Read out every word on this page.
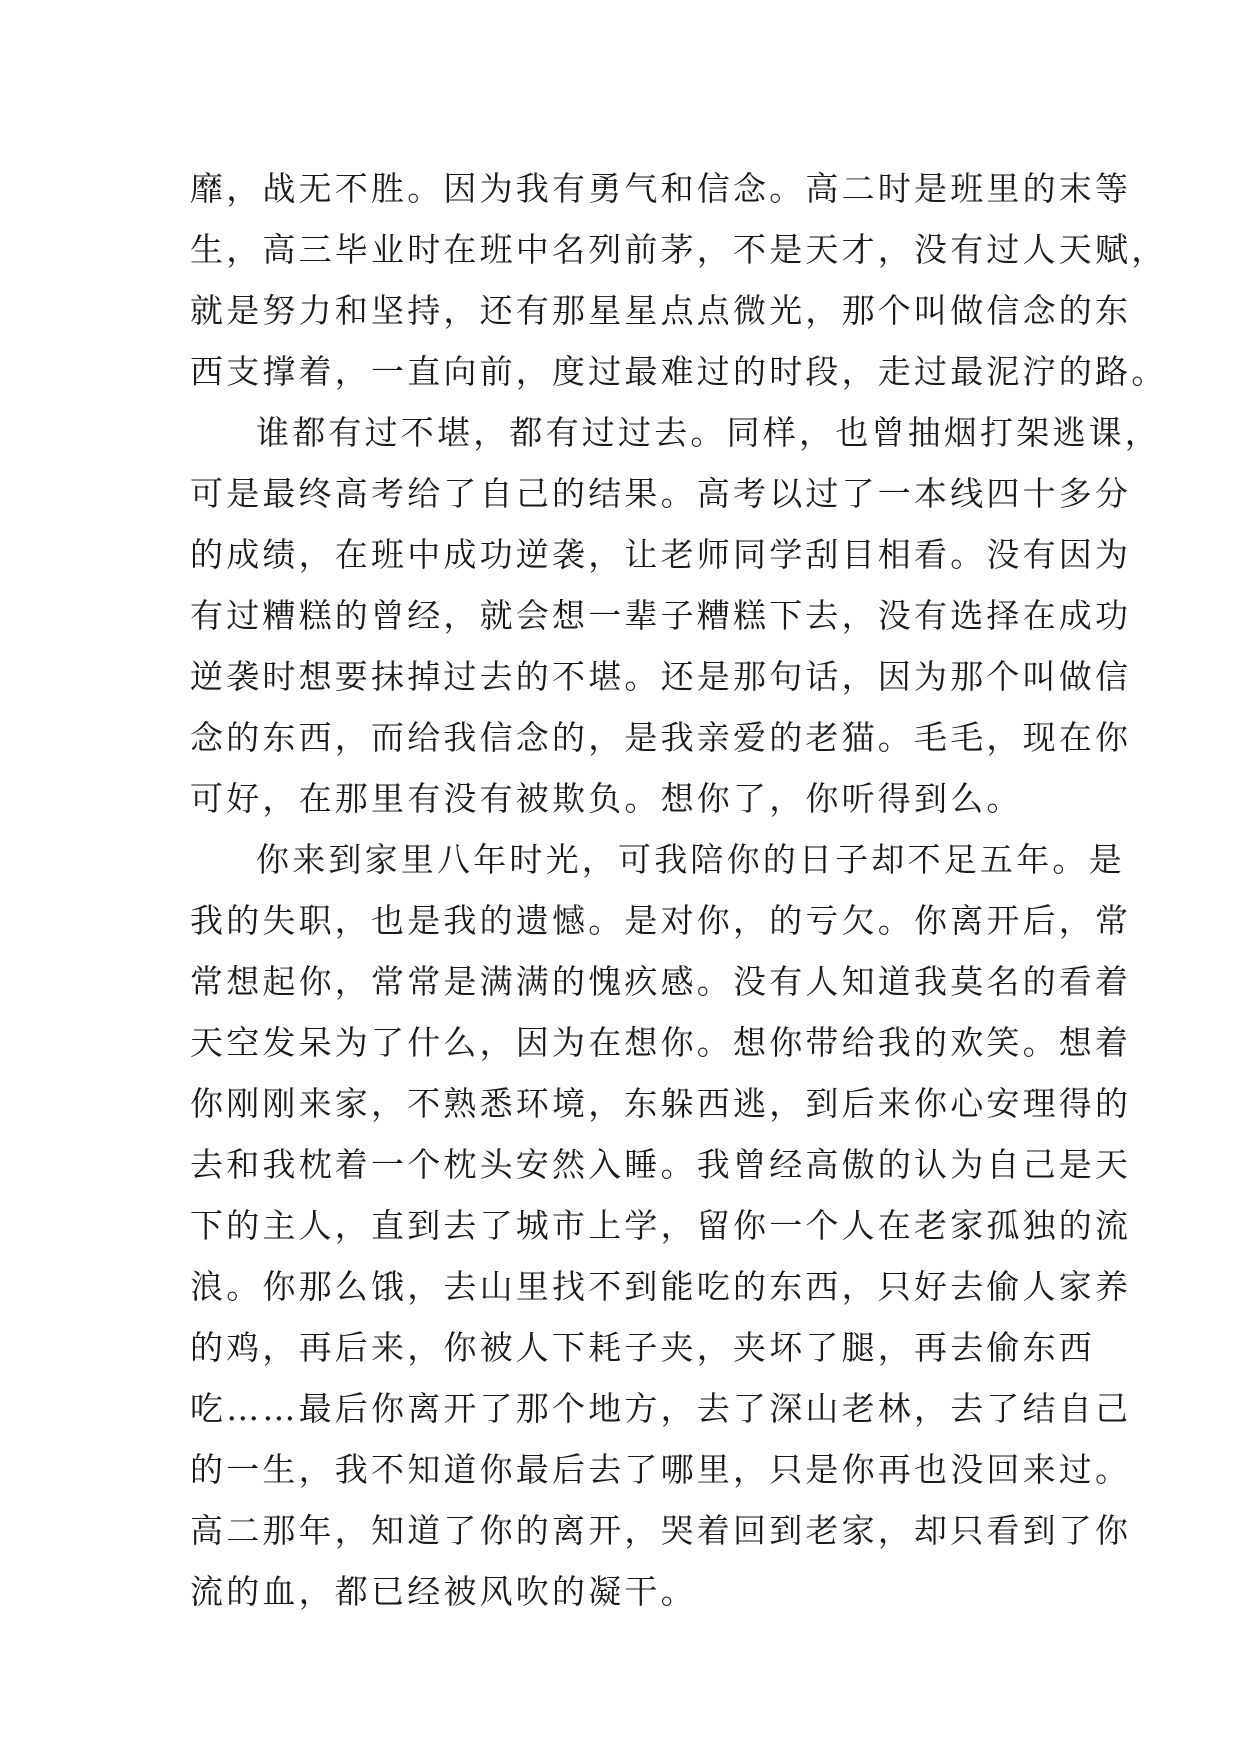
靡，战无不胜。因为我有勇气和信念。高二时是班里的末等
生，高三毕业时在班中名列前茅，不是天才，没有过人天赋，
就是努力和坚持，还有那星星点点微光，那个叫做信念的东
西支撑着，一直向前，度过最难过的时段，走过最泥泞的路。
谁都有过不堪，都有过过去。同样，也曾抽烟打架逃课，
可是最终高考给了自己的结果。高考以过了一本线四十多分
的成绩，在班中成功逆袭，让老师同学刮目相看。没有因为
有过糟糕的曾经，就会想一辈子糟糕下去，没有选择在成功
逆袭时想要抹掉过去的不堪。还是那句话，因为那个叫做信
念的东西，而给我信念的，是我亲爱的老猫。毛毛，现在你
可好，在那里有没有被欺负。想你了，你听得到么。
你来到家里八年时光，可我陪你的日子却不足五年。是
我的失职，也是我的遗憾。是对你，的亏欠。你离开后，常
常想起你，常常是满满的愧疚感。没有人知道我莫名的看着
天空发呆为了什么，因为在想你。想你带给我的欢笑。想着
你刚刚来家，不熟悉环境，东躲西逃，到后来你心安理得的
去和我枕着一个枕头安然入睡。我曾经高傲的认为自己是天
下的主人，直到去了城市上学，留你一个人在老家孤独的流
浪。你那么饿，去山里找不到能吃的东西，只好去偷人家养
的鸡，再后来，你被人下耗子夹，夹坏了腿，再去偷东西
吃……最后你离开了那个地方，去了深山老林，去了结自己
的一生，我不知道你最后去了哪里，只是你再也没回来过。
高二那年，知道了你的离开，哭着回到老家，却只看到了你
流的血，都已经被风吹的凝干。
